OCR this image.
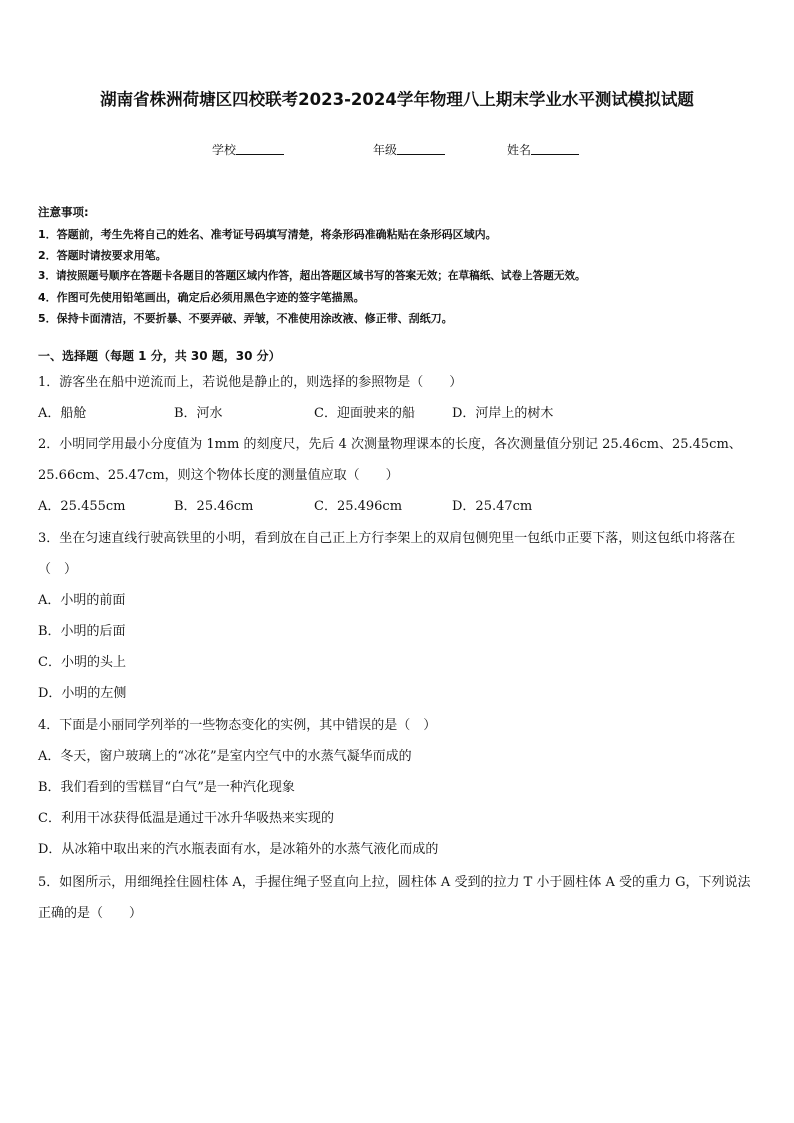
湖南省株洲荷塘区四校联考2023-2024学年物理八上期末学业水平测试模拟试题
学校	年级	姓名
注意事项:
1．答题前，考生先将自己的姓名、准考证号码填写清楚，将条形码准确粘贴在条形码区域内。
2．答题时请按要求用笔。
3．请按照题号顺序在答题卡各题目的答题区域内作答，超出答题区域书写的答案无效；在草稿纸、试卷上答题无效。
4．作图可先使用铅笔画出，确定后必须用黑色字迹的签字笔描黑。
5．保持卡面清洁，不要折暴、不要弄破、弄皱，不准使用涂改液、修正带、刮纸刀。
一、选择题（每题 1 分，共 30 题，30 分）
1．游客坐在船中逆流而上，若说他是静止的，则选择的参照物是（　　）
A．船舱	B．河水	C．迎面驶来的船	D．河岸上的树木
2．小明同学用最小分度值为 1mm 的刻度尺，先后 4 次测量物理课本的长度，各次测量值分别记 25.46cm、25.45cm、25.66cm、25.47cm，则这个物体长度的测量值应取（　　）
A．25.455cm	B．25.46cm	C．25.496cm	D．25.47cm
3．坐在匀速直线行驶高铁里的小明，看到放在自己正上方行李架上的双肩包侧兜里一包纸巾正要下落，则这包纸巾将落在（　）
A．小明的前面
B．小明的后面
C．小明的头上
D．小明的左侧
4．下面是小丽同学列举的一些物态变化的实例，其中错误的是（　）
A．冬天，窗户玻璃上的“冰花”是室内空气中的水蒸气凝华而成的
B．我们看到的雪糕冒“白气”是一种汽化现象
C．利用干冰获得低温是通过干冰升华吸热来实现的
D．从冰箱中取出来的汽水瓶表面有水，是冰箱外的水蒸气液化而成的
5．如图所示，用细绳拴住圆柱体 A，手握住绳子竖直向上拉，圆柱体 A 受到的拉力 T 小于圆柱体 A 受的重力 G，下列说法正确的是（　　）
